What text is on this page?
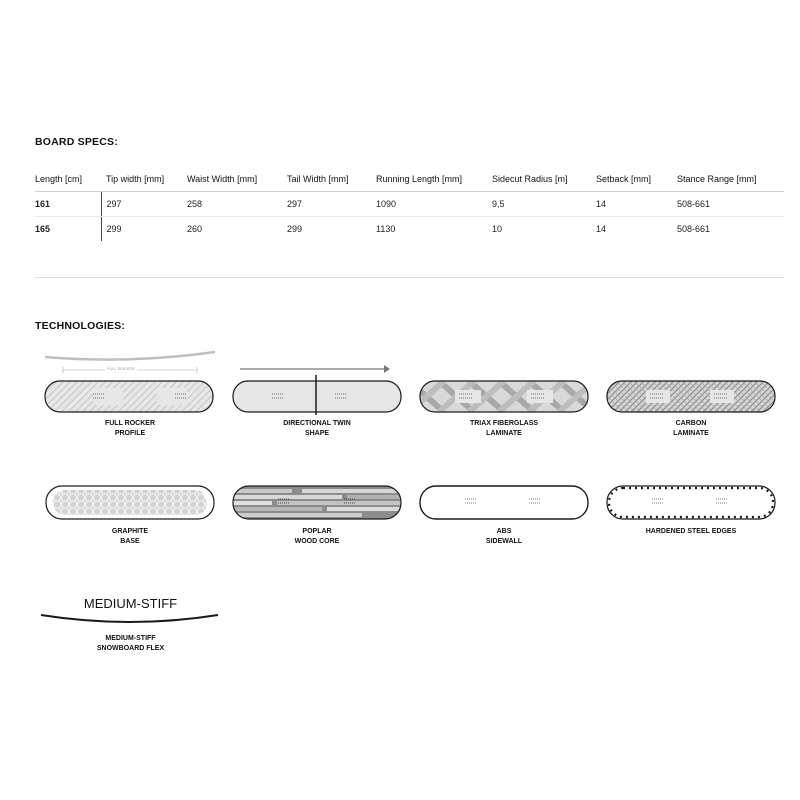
BOARD SPECS:
Length [cm]	Tip width [mm]	Waist Width [mm]	Tail Width [mm]	Running Length [mm]	Sidecut Radius [m]	Setback [mm]	Stance Range [mm]
161	297	258	297	1090	9,5	14	508-661
165	299	260	299	1130	10	14	508-661
TECHNOLOGIES:
FULL ROCKER
FULL ROCKER
PROFILE
DIRECTIONAL TWIN
SHAPE
TRIAX FIBERGLASS
LAMINATE
CARBON
LAMINATE
GRAPHITE
BASE
POPLAR
WOOD CORE
ABS
SIDEWALL
HARDENED STEEL EDGES
MEDIUM-STIFF
MEDIUM-STIFF
SNOWBOARD FLEX
